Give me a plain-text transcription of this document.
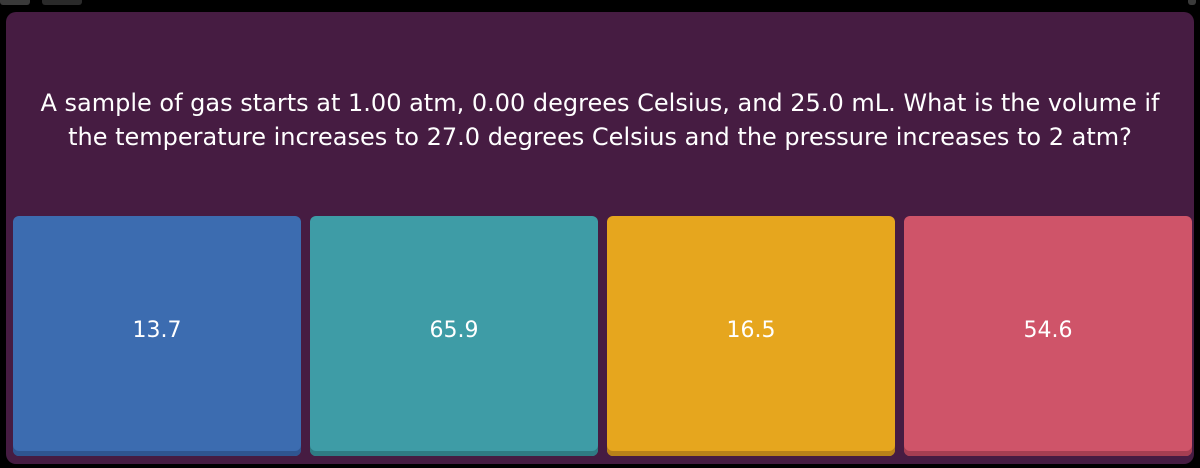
A sample of gas starts at 1.00 atm, 0.00 degrees Celsius, and 25.0 mL. What is the volume if the temperature increases to 27.0 degrees Celsius and the pressure increases to 2 atm?
13.7	65.9	16.5	54.6
